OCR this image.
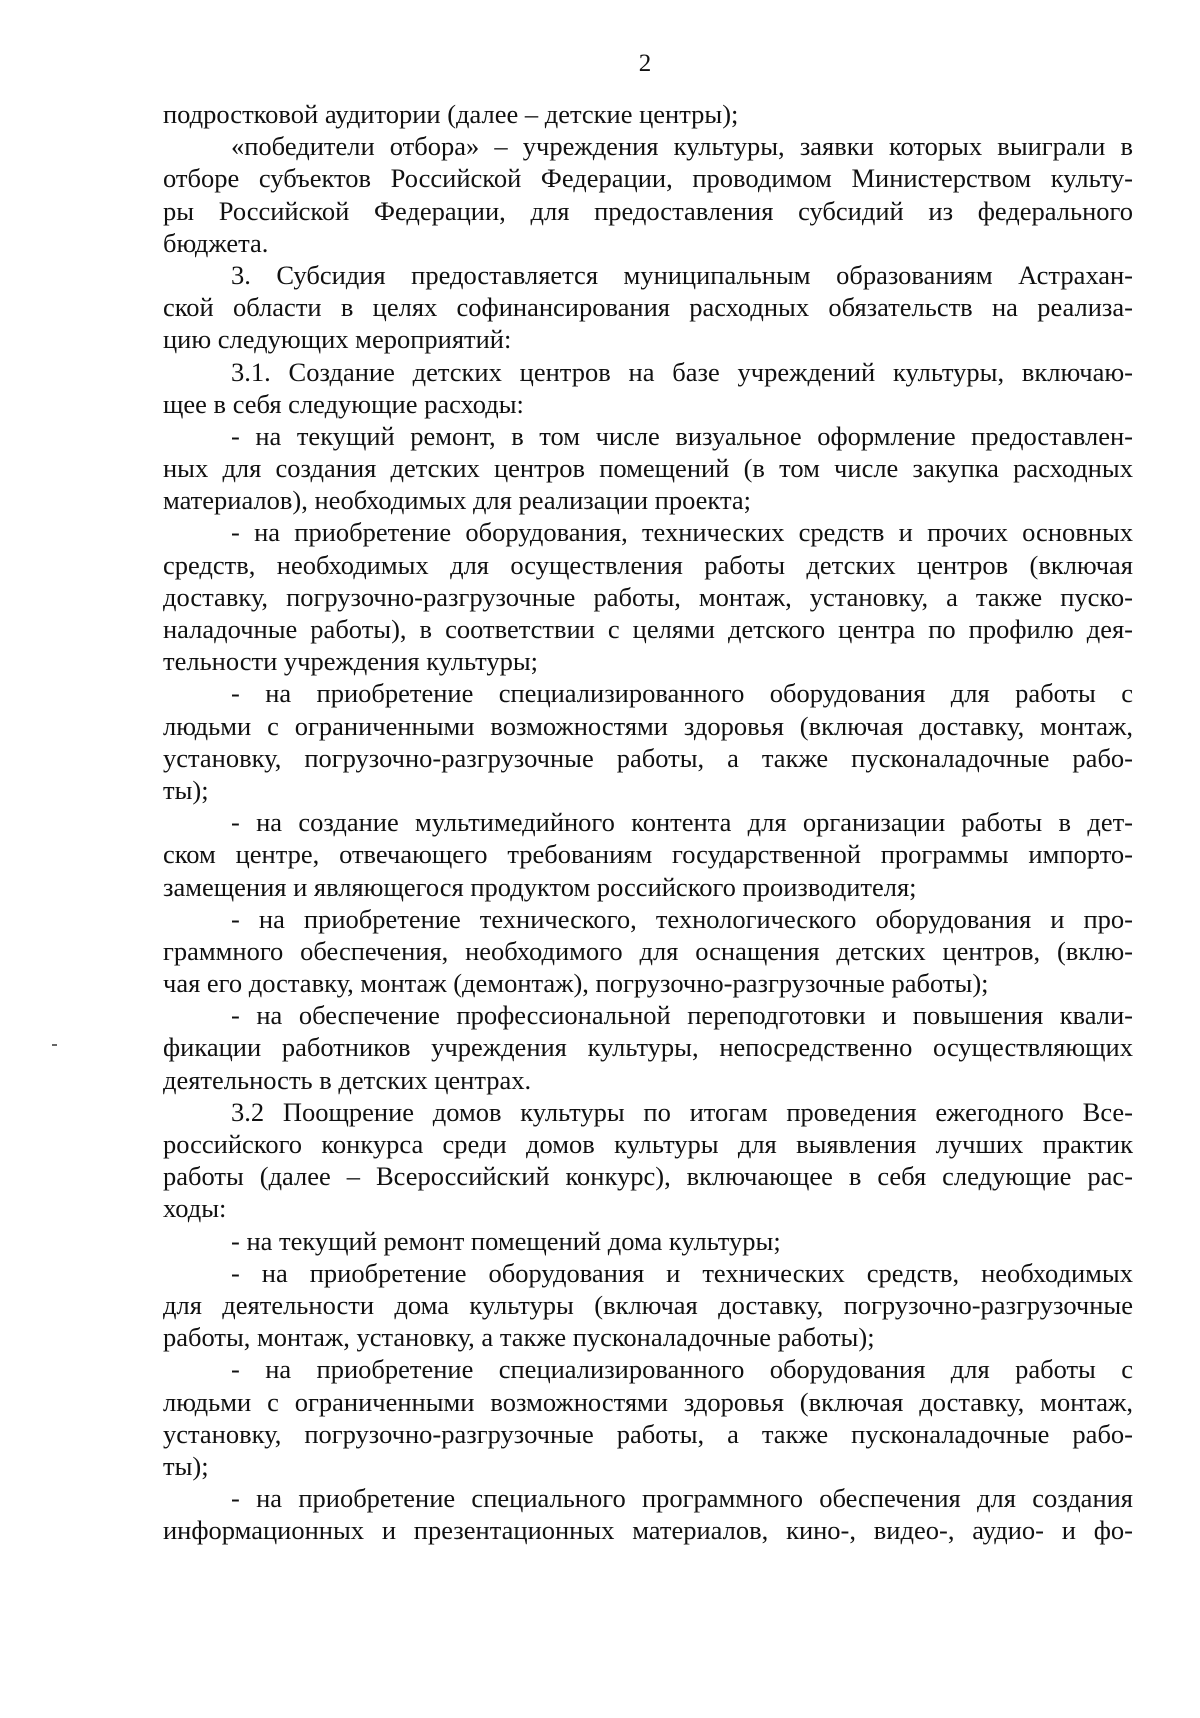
2
подростковой аудитории (далее – детские центры);
«победители отбора» – учреждения культуры, заявки которых выиграли в
отборе субъектов Российской Федерации, проводимом Министерством культу-
ры Российской Федерации, для предоставления субсидий из федерального
бюджета.
3. Субсидия предоставляется муниципальным образованиям Астрахан-
ской области в целях софинансирования расходных обязательств на реализа-
цию следующих мероприятий:
3.1. Создание детских центров на базе учреждений культуры, включаю-
щее в себя следующие расходы:
- на текущий ремонт, в том числе визуальное оформление предоставлен-
ных для создания детских центров помещений (в том числе закупка расходных
материалов), необходимых для реализации проекта;
- на приобретение оборудования, технических средств и прочих основных
средств, необходимых для осуществления работы детских центров (включая
доставку, погрузочно-разгрузочные работы, монтаж, установку, а также пуско-
наладочные работы), в соответствии с целями детского центра по профилю дея-
тельности учреждения культуры;
- на приобретение специализированного оборудования для работы с
людьми с ограниченными возможностями здоровья (включая доставку, монтаж,
установку, погрузочно-разгрузочные работы, а также пусконаладочные рабо-
ты);
- на создание мультимедийного контента для организации работы в дет-
ском центре, отвечающего требованиям государственной программы импорто-
замещения и являющегося продуктом российского производителя;
- на приобретение технического, технологического оборудования и про-
граммного обеспечения, необходимого для оснащения детских центров, (вклю-
чая его доставку, монтаж (демонтаж), погрузочно-разгрузочные работы);
- на обеспечение профессиональной переподготовки и повышения квали-
фикации работников учреждения культуры, непосредственно осуществляющих
деятельность в детских центрах.
3.2 Поощрение домов культуры по итогам проведения ежегодного Все-
российского конкурса среди домов культуры для выявления лучших практик
работы (далее – Всероссийский конкурс), включающее в себя следующие рас-
ходы:
- на текущий ремонт помещений дома культуры;
- на приобретение оборудования и технических средств, необходимых
для деятельности дома культуры (включая доставку, погрузочно-разгрузочные
работы, монтаж, установку, а также пусконаладочные работы);
- на приобретение специализированного оборудования для работы с
людьми с ограниченными возможностями здоровья (включая доставку, монтаж,
установку, погрузочно-разгрузочные работы, а также пусконаладочные рабо-
ты);
- на приобретение специального программного обеспечения для создания
информационных и презентационных материалов, кино-, видео-, аудио- и фо-
